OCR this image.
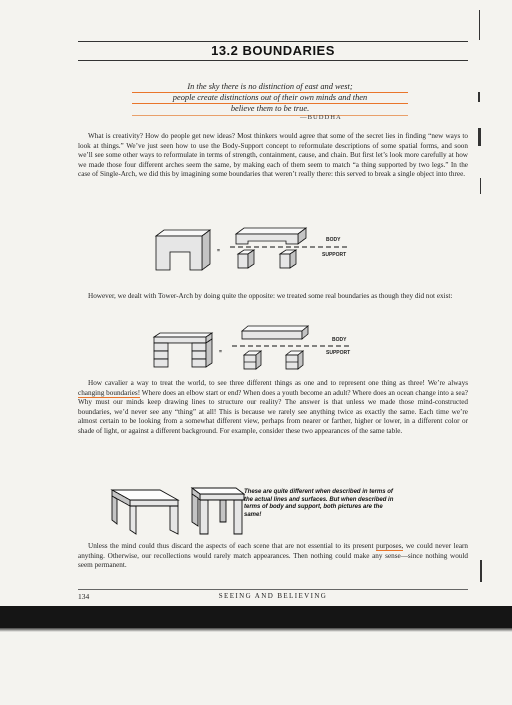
13.2 BOUNDARIES
In the sky there is no distinction of east and west;
people create distinctions out of their own minds and then
believe them to be true.
—BUDDHA

What is creativity? How do people get new ideas? Most thinkers would agree that some of the secret lies in finding “new ways to look at things.” We’ve just seen how to use the Body-Support concept to reformulate descriptions of some spatial forms, and soon we’ll see some other ways to reformulate in terms of strength, containment, cause, and chain. But first let’s look more carefully at how we made those four different arches seem the same, by making each of them seem to match “a thing supported by two legs.” In the case of Single-Arch, we did this by imagining some boundaries that weren’t really there: this served to break a single object into three.

=
BODY
SUPPORT

However, we dealt with Tower-Arch by doing quite the opposite: we treated some real boundaries as though they did not exist:

=
BODY
SUPPORT

How cavalier a way to treat the world, to see three different things as one and to represent one thing as three! We’re always changing boundaries! Where does an elbow start or end? When does a youth become an adult? Where does an ocean change into a sea? Why must our minds keep drawing lines to structure our reality? The answer is that unless we made those mind-constructed boundaries, we’d never see any “thing” at all! This is because we rarely see anything twice as exactly the same. Each time we’re almost certain to be looking from a somewhat different view, perhaps from nearer or farther, higher or lower, in a different color or shade of light, or against a different background. For example, consider these two appearances of the same table.

These are quite different when described in terms of the actual lines and surfaces. But when described in terms of body and support, both pictures are the same!

Unless the mind could thus discard the aspects of each scene that are not essential to its present purposes, we could never learn anything. Otherwise, our recollections would rarely match appearances. Then nothing could make any sense—since nothing would seem permanent.

134	SEEING AND BELIEVING
